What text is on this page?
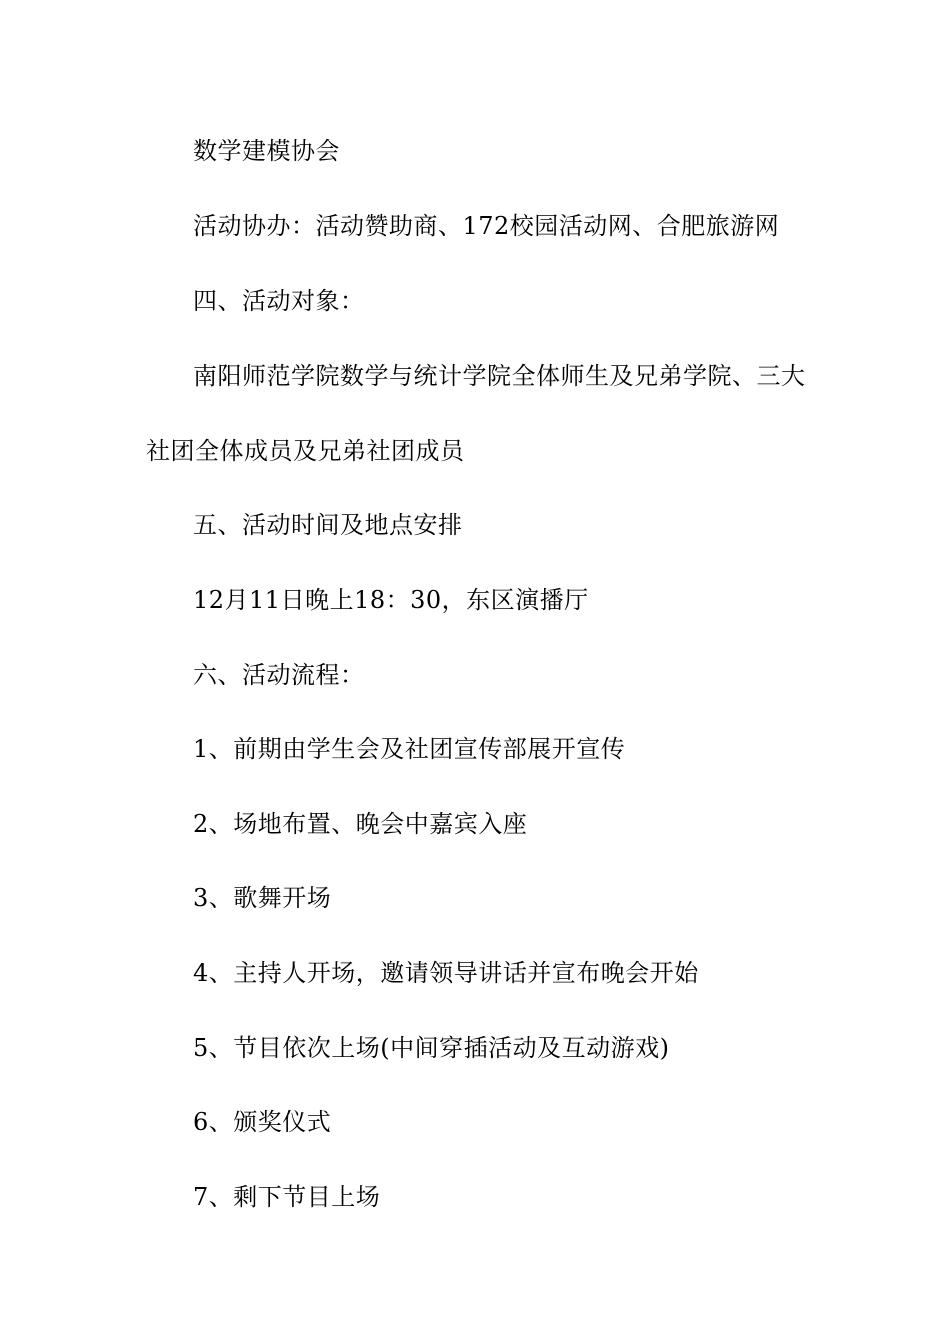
数学建模协会
活动协办：活动赞助商、172校园活动网、合肥旅游网
四、活动对象：
南阳师范学院数学与统计学院全体师生及兄弟学院、三大
社团全体成员及兄弟社团成员
五、活动时间及地点安排
12月11日晚上18：30，东区演播厅
六、活动流程：
1、前期由学生会及社团宣传部展开宣传
2、场地布置、晚会中嘉宾入座
3、歌舞开场
4、主持人开场，邀请领导讲话并宣布晚会开始
5、节目依次上场(中间穿插活动及互动游戏)
6、颁奖仪式
7、剩下节目上场
